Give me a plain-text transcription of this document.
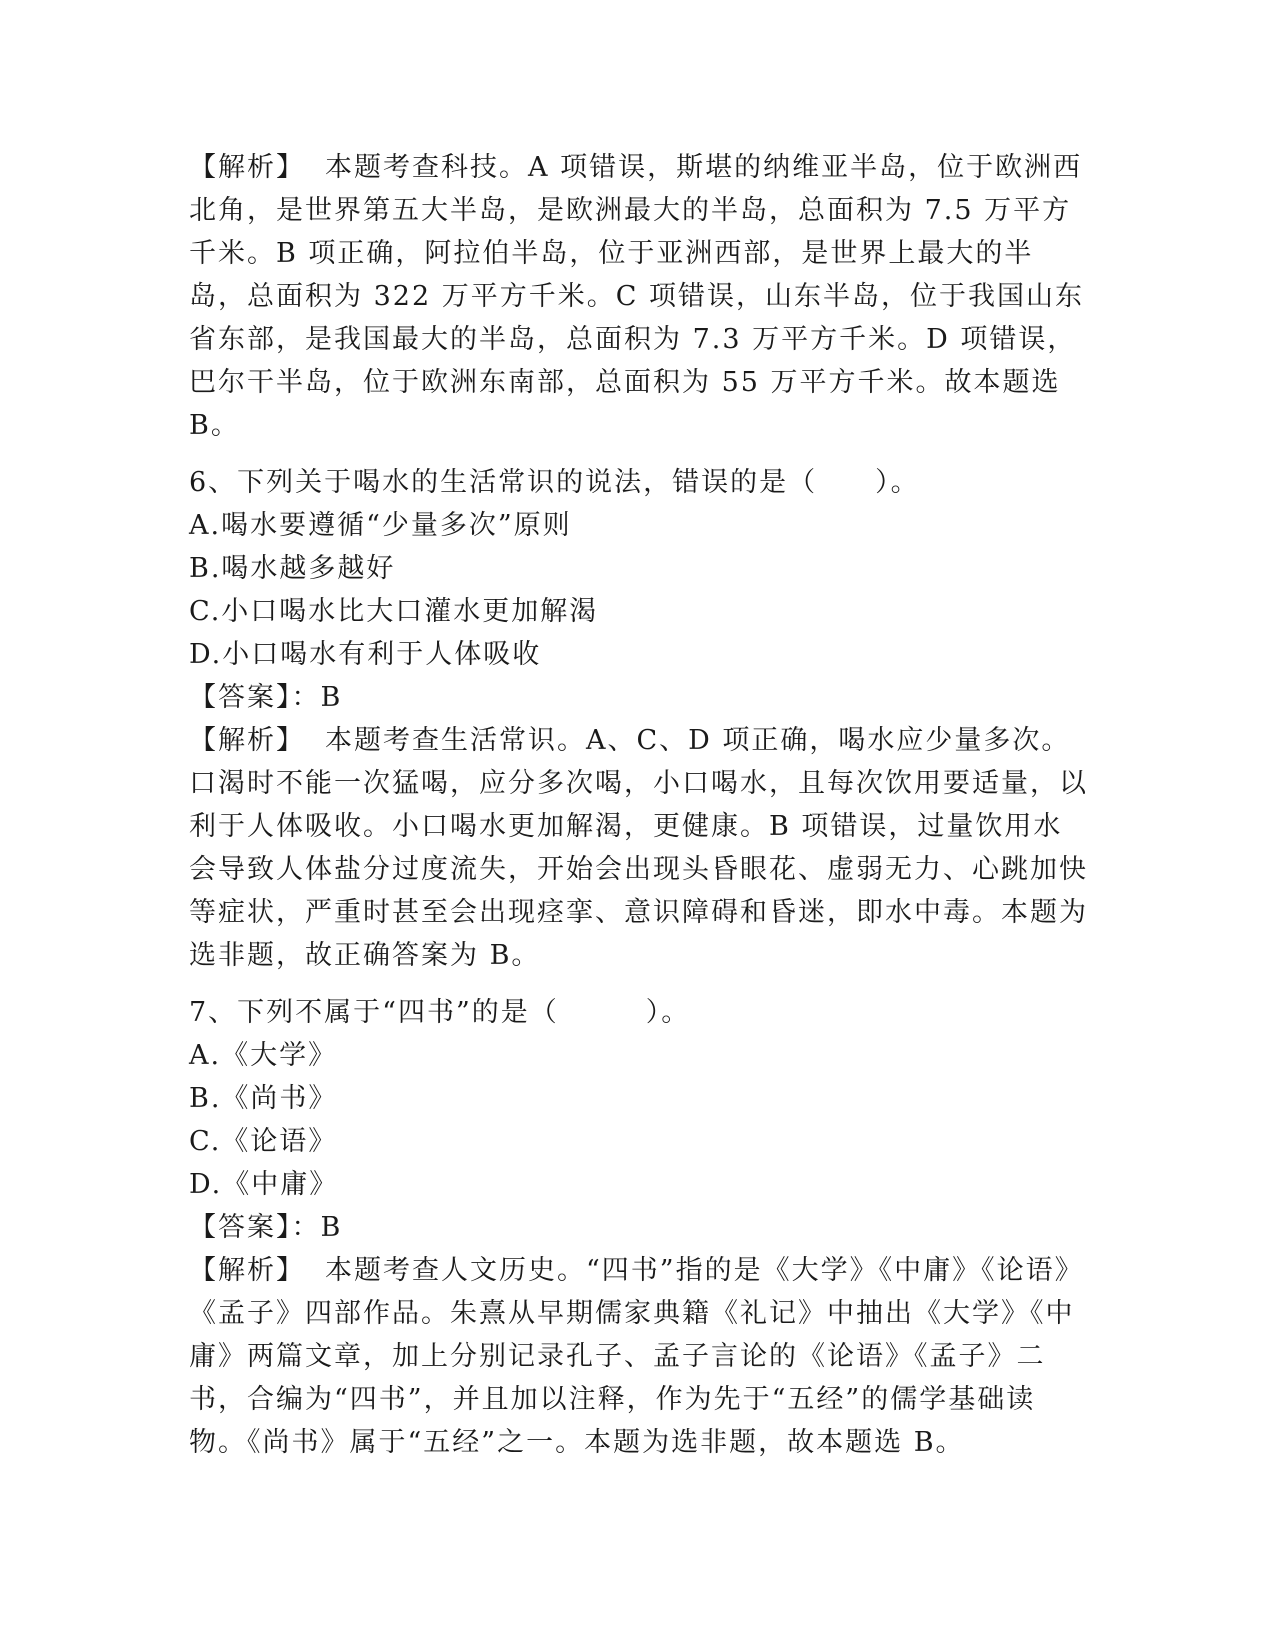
【解析】 本题考查科技。A 项错误，斯堪的纳维亚半岛，位于欧洲西北角，是世界第五大半岛，是欧洲最大的半岛，总面积为 7.5 万平方千米。B 项正确，阿拉伯半岛，位于亚洲西部，是世界上最大的半岛，总面积为 322 万平方千米。C 项错误，山东半岛，位于我国山东省东部，是我国最大的半岛，总面积为 7.3 万平方千米。D 项错误，巴尔干半岛，位于欧洲东南部，总面积为 55 万平方千米。故本题选 B。

6、下列关于喝水的生活常识的说法，错误的是（　　）。

A.喝水要遵循“少量多次”原则

B.喝水越多越好

C.小口喝水比大口灌水更加解渴

D.小口喝水有利于人体吸收

【答案】：B

【解析】 本题考查生活常识。A、C、D 项正确，喝水应少量多次。口渴时不能一次猛喝，应分多次喝，小口喝水，且每次饮用要适量，以利于人体吸收。小口喝水更加解渴，更健康。B 项错误，过量饮用水会导致人体盐分过度流失，开始会出现头昏眼花、虚弱无力、心跳加快等症状，严重时甚至会出现痉挛、意识障碍和昏迷，即水中毒。本题为选非题，故正确答案为 B。

7、下列不属于“四书”的是（　　　）。

A.《大学》

B.《尚书》

C.《论语》

D.《中庸》

【答案】：B

【解析】 本题考查人文历史。“四书”指的是《大学》《中庸》《论语》《孟子》四部作品。朱熹从早期儒家典籍《礼记》中抽出《大学》《中庸》两篇文章，加上分别记录孔子、孟子言论的《论语》《孟子》二书，合编为“四书”，并且加以注释，作为先于“五经”的儒学基础读物。《尚书》属于“五经”之一。本题为选非题，故本题选 B。
